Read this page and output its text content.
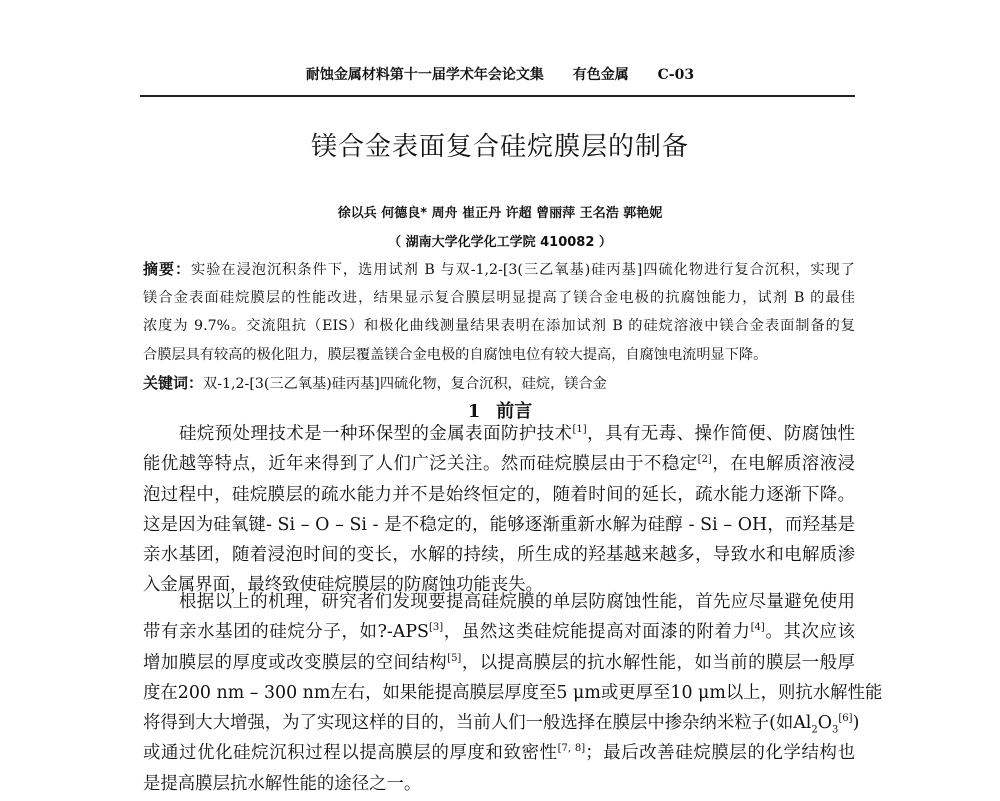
耐蚀金属材料第十一届学术年会论文集 有色金属 C-03
镁合金表面复合硅烷膜层的制备
徐以兵 何德良* 周舟 崔正丹 许超 曾丽萍 王名浩 郭艳妮
（ 湖南大学化学化工学院 410082 ）
摘要：实验在浸泡沉积条件下，选用试剂 B 与双-1,2-[3(三乙氧基)硅丙基]四硫化物进行复合沉积，实现了
镁合金表面硅烷膜层的性能改进，结果显示复合膜层明显提高了镁合金电极的抗腐蚀能力，试剂 B 的最佳
浓度为 9.7%。交流阻抗（EIS）和极化曲线测量结果表明在添加试剂 B 的硅烷溶液中镁合金表面制备的复
合膜层具有较高的极化阻力，膜层覆盖镁合金电极的自腐蚀电位有较大提高，自腐蚀电流明显下降。
关键词：双-1,2-[3(三乙氧基)硅丙基]四硫化物，复合沉积，硅烷，镁合金
1 前言
硅烷预处理技术是一种环保型的金属表面防护技术[1]，具有无毒、操作简便、防腐蚀性
能优越等特点，近年来得到了人们广泛关注。然而硅烷膜层由于不稳定[2]，在电解质溶液浸
泡过程中，硅烷膜层的疏水能力并不是始终恒定的，随着时间的延长，疏水能力逐渐下降。
这是因为硅氧键- Si – O – Si - 是不稳定的，能够逐渐重新水解为硅醇 - Si – OH，而羟基是
亲水基团，随着浸泡时间的变长，水解的持续，所生成的羟基越来越多，导致水和电解质渗
入金属界面，最终致使硅烷膜层的防腐蚀功能丧失。
根据以上的机理，研究者们发现要提高硅烷膜的单层防腐蚀性能，首先应尽量避免使用
带有亲水基团的硅烷分子，如?-APS[3]，虽然这类硅烷能提高对面漆的附着力[4]。其次应该
增加膜层的厚度或改变膜层的空间结构[5]，以提高膜层的抗水解性能，如当前的膜层一般厚
度在200 nm – 300 nm左右，如果能提高膜层厚度至5 μm或更厚至10 μm以上，则抗水解性能
将得到大大增强，为了实现这样的目的，当前人们一般选择在膜层中掺杂纳米粒子(如$Al_2O_3[6]$)
或通过优化硅烷沉积过程以提高膜层的厚度和致密性[7, 8]；最后改善硅烷膜层的化学结构也
是提高膜层抗水解性能的途径之一。
